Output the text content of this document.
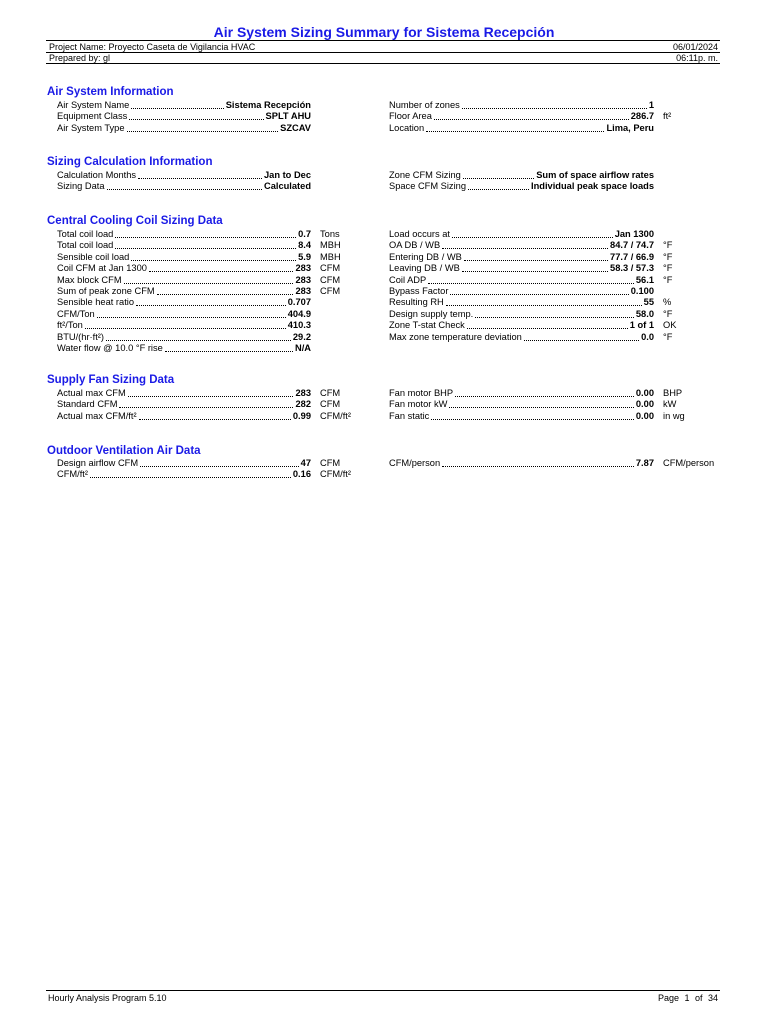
Air System Sizing Summary for Sistema Recepción
Project Name: Proyecto Caseta de Vigilancia HVAC	06/01/2024
Prepared by: gl	06:11p. m.
Air System Information
Sizing Calculation Information
Central Cooling Coil Sizing Data
Supply Fan Sizing Data
Outdoor Ventilation Air Data
Air System Name	Sistema Recepción
Equipment Class	SPLT AHU
Air System Type	SZCAV
Number of zones	1
Floor Area	286.7 ft²
Location	Lima, Peru
Calculation Months	Jan to Dec
Sizing Data	Calculated
Zone CFM Sizing	Sum of space airflow rates
Space CFM Sizing	Individual peak space loads
Total coil load	0.7 Tons
Total coil load	8.4 MBH
Sensible coil load	5.9 MBH
Coil CFM at Jan 1300	283 CFM
Max block CFM	283 CFM
Sum of peak zone CFM	283 CFM
Sensible heat ratio	0.707
CFM/Ton	404.9
ft²/Ton	410.3
BTU/(hr·ft²)	29.2
Water flow @ 10.0 °F rise	N/A
Load occurs at	Jan 1300
OA DB / WB	84.7 / 74.7 °F
Entering DB / WB	77.7 / 66.9 °F
Leaving DB / WB	58.3 / 57.3 °F
Coil ADP	56.1 °F
Bypass Factor	0.100
Resulting RH	55 %
Design supply temp.	58.0 °F
Zone T-stat Check	1 of 1 OK
Max zone temperature deviation	0.0 °F
Actual max CFM	283 CFM
Standard CFM	282 CFM
Actual max CFM/ft²	0.99 CFM/ft²
Fan motor BHP	0.00 BHP
Fan motor kW	0.00 kW
Fan static	0.00 in wg
Design airflow CFM	47 CFM
CFM/ft²	0.16 CFM/ft²
CFM/person	7.87 CFM/person
Hourly Analysis Program 5.10	Page 1 of 34
